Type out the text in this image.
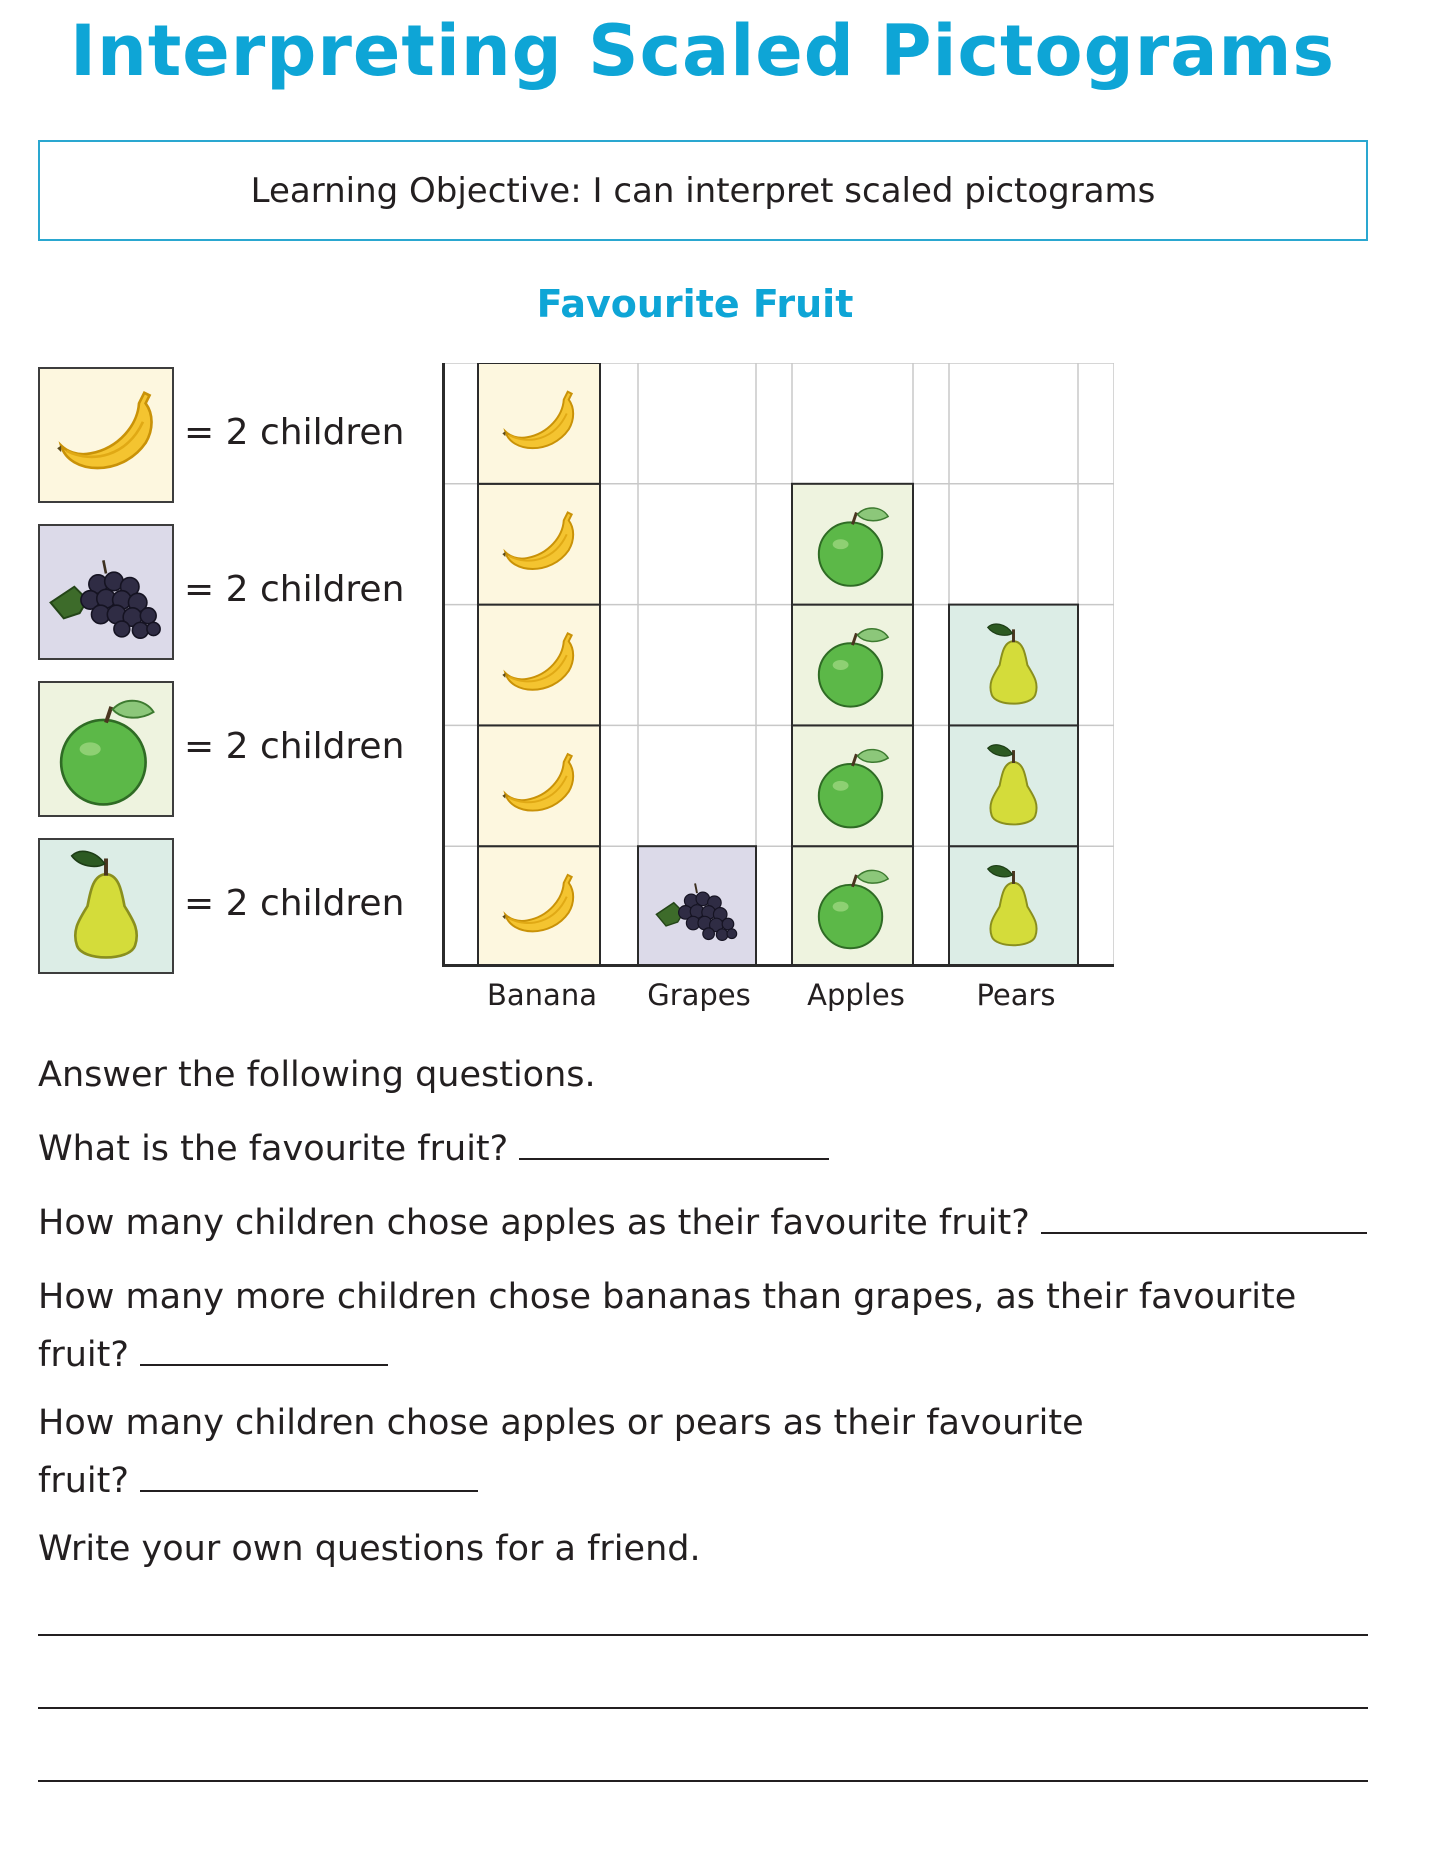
Interpreting Scaled Pictograms
Learning Objective: I can interpret scaled pictograms
Favourite Fruit
= 2 children
= 2 children
= 2 children
= 2 children
Banana	Grapes	Apples	Pears
Answer the following questions.
What is the favourite fruit?
How many children chose apples as their favourite fruit?
How many more children chose bananas than grapes, as their favourite
fruit?
How many children chose apples or pears as their favourite
fruit?
Write your own questions for a friend.
